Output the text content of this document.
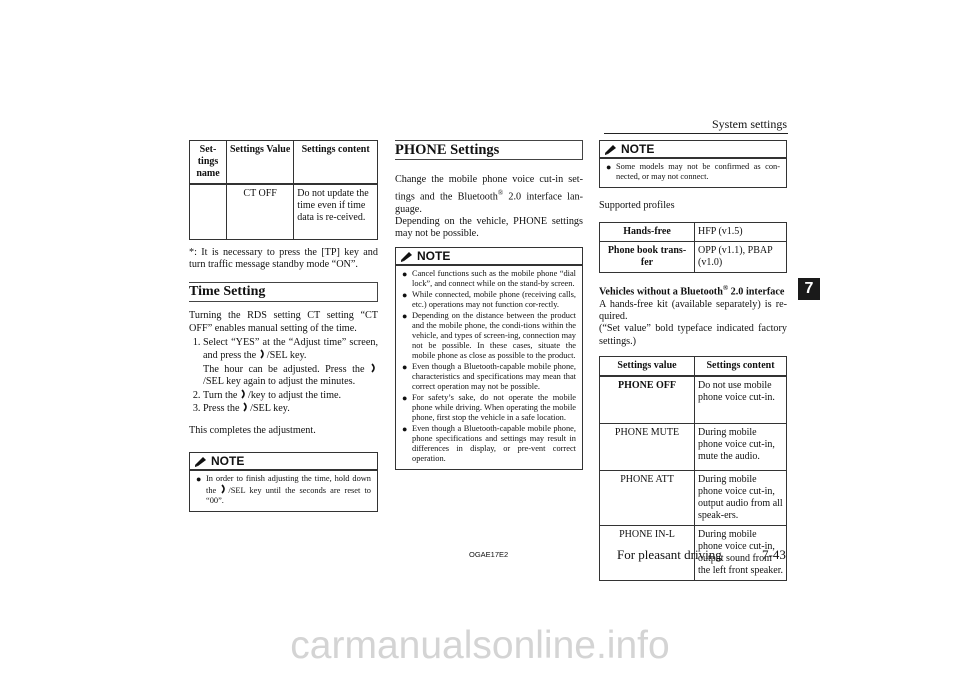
System settings
7
Set-
tings
name	Settings Value	Settings content
	CT OFF	Do not update the time even if time data is re-ceived.

*: It is necessary to press the [TP] key and turn traffic message standby mode “ON”.

Time Setting

Turning the RDS setting CT setting “CT OFF” enables manual setting of the time.

1. Select “YES” at the “Adjust time” screen, and press the /SEL key.
The hour can be adjusted. Press the /SEL key again to adjust the minutes.
2. Turn the /key to adjust the time.
3. Press the /SEL key.

This completes the adjustment.

NOTE
● In order to finish adjusting the time, hold down the /SEL key until the seconds are reset to “00”.
PHONE Settings

Change the mobile phone voice cut-in set-tings and the Bluetooth® 2.0 interface lan-guage.

Depending on the vehicle, PHONE settings may not be possible.

NOTE
● Cancel functions such as the mobile phone “dial lock”, and connect while on the stand-by screen.
● While connected, mobile phone (receiving calls, etc.) operations may not function cor-rectly.
● Depending on the distance between the product and the mobile phone, the condi-tions within the vehicle, and types of screen-ing, connection may not be possible. In these cases, situate the mobile phone as close as possible to the product.
● Even though a Bluetooth-capable mobile phone, characteristics and specifications may mean that correct operation may not be possible.
● For safety’s sake, do not operate the mobile phone while driving. When operating the mobile phone, first stop the vehicle in a safe location.
● Even though a Bluetooth-capable mobile phone, phone specifications and settings may result in differences in display, or pre-vent correct operation.
NOTE
● Some models may not be confirmed as con-nected, or may not connect.

Supported profiles

Hands-free	HFP (v1.5)
Phone book trans-fer	OPP (v1.1), PBAP (v1.0)

Vehicles without a Bluetooth® 2.0 interface

A hands-free kit (available separately) is re-quired.

(“Set value” bold typeface indicated factory settings.)

Settings value	Settings content
PHONE OFF	Do not use mobile phone voice cut-in.
PHONE MUTE	During mobile phone voice cut-in, mute the audio.
PHONE ATT	During mobile phone voice cut-in, output audio from all speak-ers.
PHONE IN-L	During mobile phone voice cut-in, output sound from the left front speaker.
OGAE17E2	For pleasant driving	7-43
carmanualsonline.info
